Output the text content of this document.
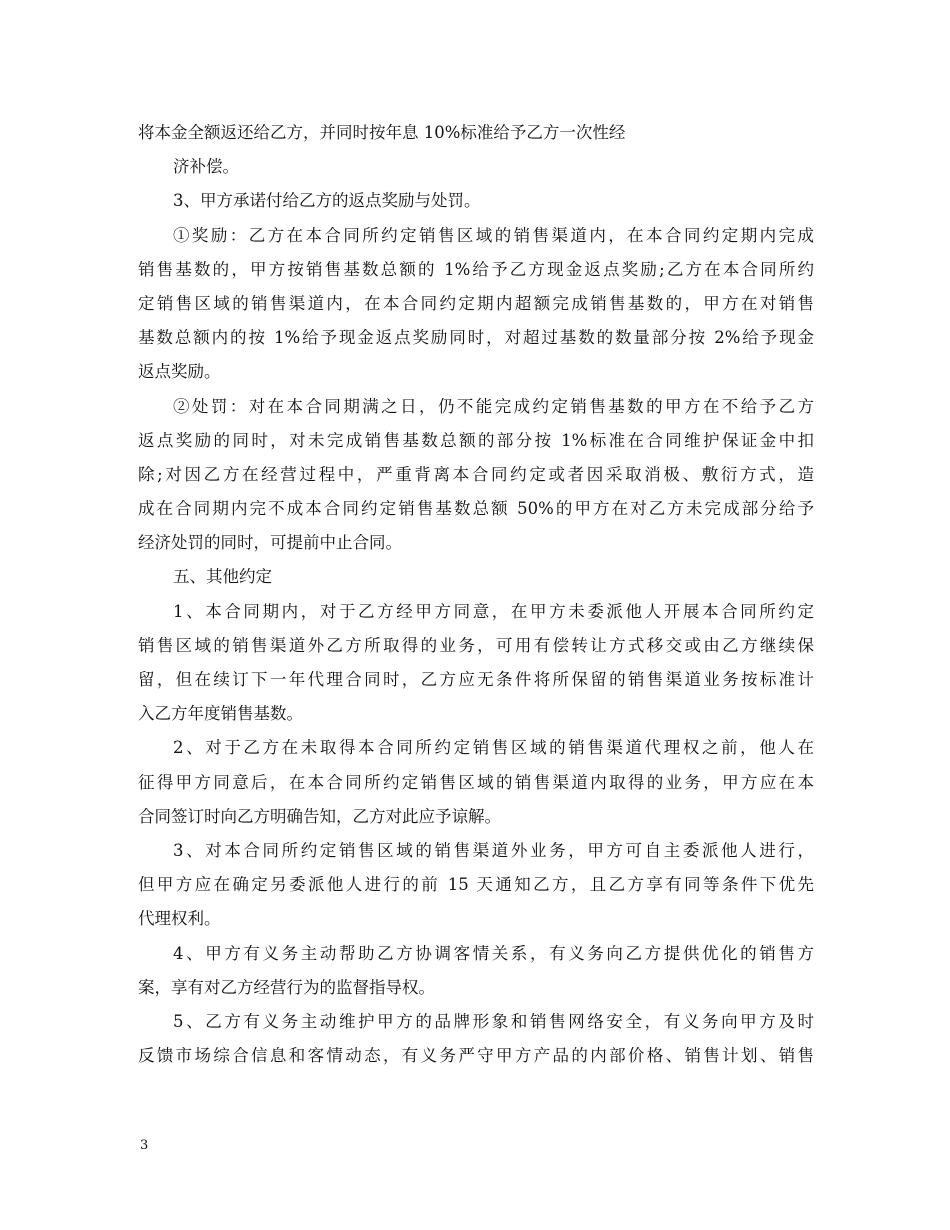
将本金全额返还给乙方，并同时按年息 10%标准给予乙方一次性经
济补偿。
3、甲方承诺付给乙方的返点奖励与处罚。
①奖励：乙方在本合同所约定销售区域的销售渠道内，在本合同约定期内完成
销售基数的，甲方按销售基数总额的 1%给予乙方现金返点奖励;乙方在本合同所约
定销售区域的销售渠道内，在本合同约定期内超额完成销售基数的，甲方在对销售
基数总额内的按 1%给予现金返点奖励同时，对超过基数的数量部分按 2%给予现金
返点奖励。
②处罚：对在本合同期满之日，仍不能完成约定销售基数的甲方在不给予乙方
返点奖励的同时，对未完成销售基数总额的部分按 1%标准在合同维护保证金中扣
除;对因乙方在经营过程中，严重背离本合同约定或者因采取消极、敷衍方式，造
成在合同期内完不成本合同约定销售基数总额 50%的甲方在对乙方未完成部分给予
经济处罚的同时，可提前中止合同。
五、其他约定
1、本合同期内，对于乙方经甲方同意，在甲方未委派他人开展本合同所约定
销售区域的销售渠道外乙方所取得的业务，可用有偿转让方式移交或由乙方继续保
留，但在续订下一年代理合同时，乙方应无条件将所保留的销售渠道业务按标准计
入乙方年度销售基数。
2、对于乙方在未取得本合同所约定销售区域的销售渠道代理权之前，他人在
征得甲方同意后，在本合同所约定销售区域的销售渠道内取得的业务，甲方应在本
合同签订时向乙方明确告知，乙方对此应予谅解。
3、对本合同所约定销售区域的销售渠道外业务，甲方可自主委派他人进行，
但甲方应在确定另委派他人进行的前 15 天通知乙方，且乙方享有同等条件下优先
代理权利。
4、甲方有义务主动帮助乙方协调客情关系，有义务向乙方提供优化的销售方
案，享有对乙方经营行为的监督指导权。
5、乙方有义务主动维护甲方的品牌形象和销售网络安全，有义务向甲方及时
反馈市场综合信息和客情动态，有义务严守甲方产品的内部价格、销售计划、销售
3
